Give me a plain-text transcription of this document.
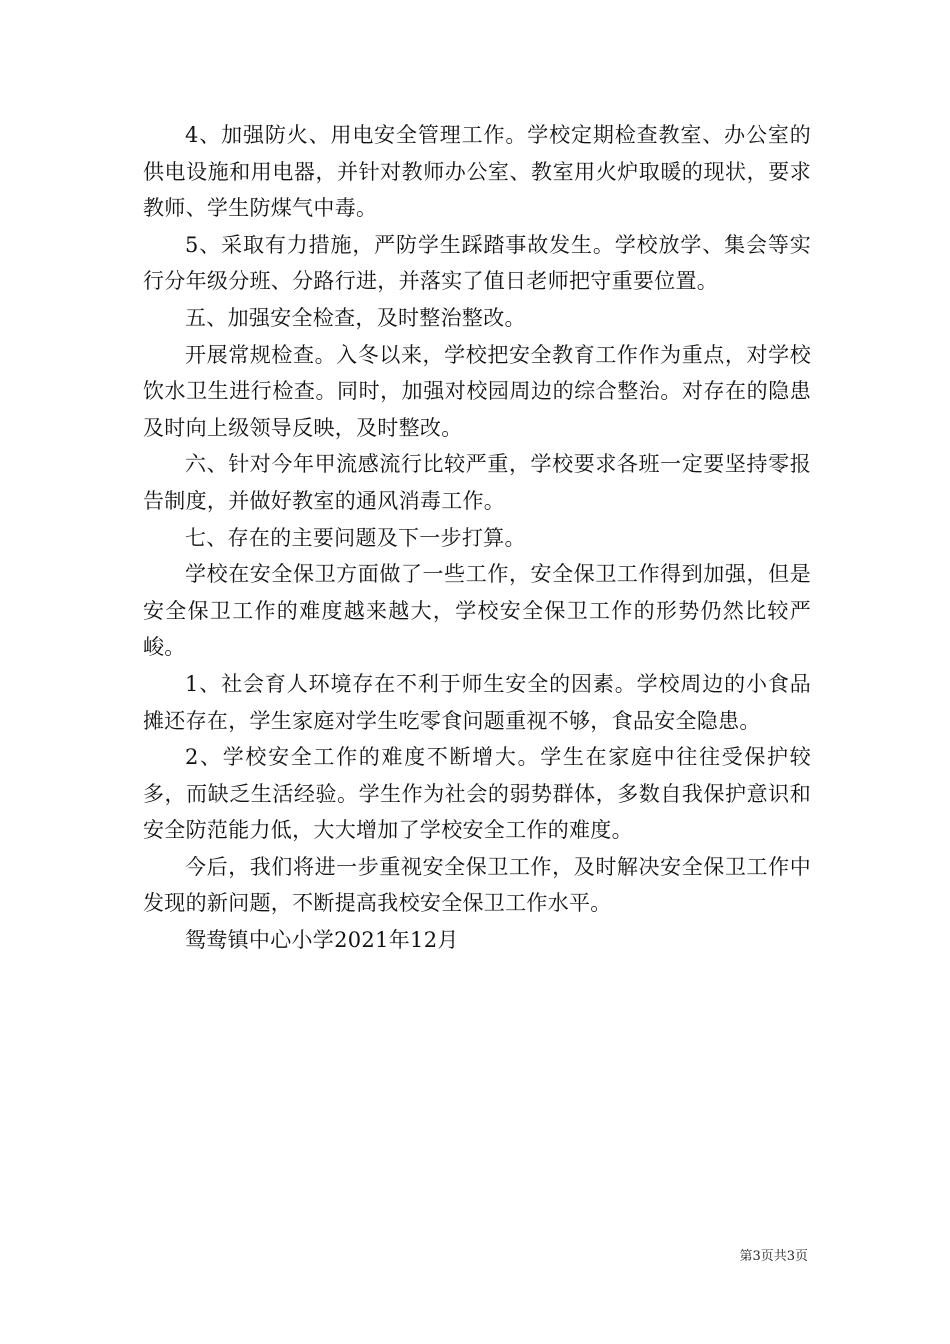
4、加强防火、用电安全管理工作。学校定期检查教室、办公室的供电设施和用电器，并针对教师办公室、教室用火炉取暖的现状，要求教师、学生防煤气中毒。

5、采取有力措施，严防学生踩踏事故发生。学校放学、集会等实行分年级分班、分路行进，并落实了值日老师把守重要位置。

五、加强安全检查，及时整治整改。

开展常规检查。入冬以来，学校把安全教育工作作为重点，对学校饮水卫生进行检查。同时，加强对校园周边的综合整治。对存在的隐患及时向上级领导反映，及时整改。

六、针对今年甲流感流行比较严重，学校要求各班一定要坚持零报告制度，并做好教室的通风消毒工作。

七、存在的主要问题及下一步打算。

学校在安全保卫方面做了一些工作，安全保卫工作得到加强，但是安全保卫工作的难度越来越大，学校安全保卫工作的形势仍然比较严峻。

1、社会育人环境存在不利于师生安全的因素。学校周边的小食品摊还存在，学生家庭对学生吃零食问题重视不够，食品安全隐患。

2、学校安全工作的难度不断增大。学生在家庭中往往受保护较多，而缺乏生活经验。学生作为社会的弱势群体，多数自我保护意识和安全防范能力低，大大增加了学校安全工作的难度。

今后，我们将进一步重视安全保卫工作，及时解决安全保卫工作中发现的新问题，不断提高我校安全保卫工作水平。

鸳鸯镇中心小学2021年12月

第3页共3页
